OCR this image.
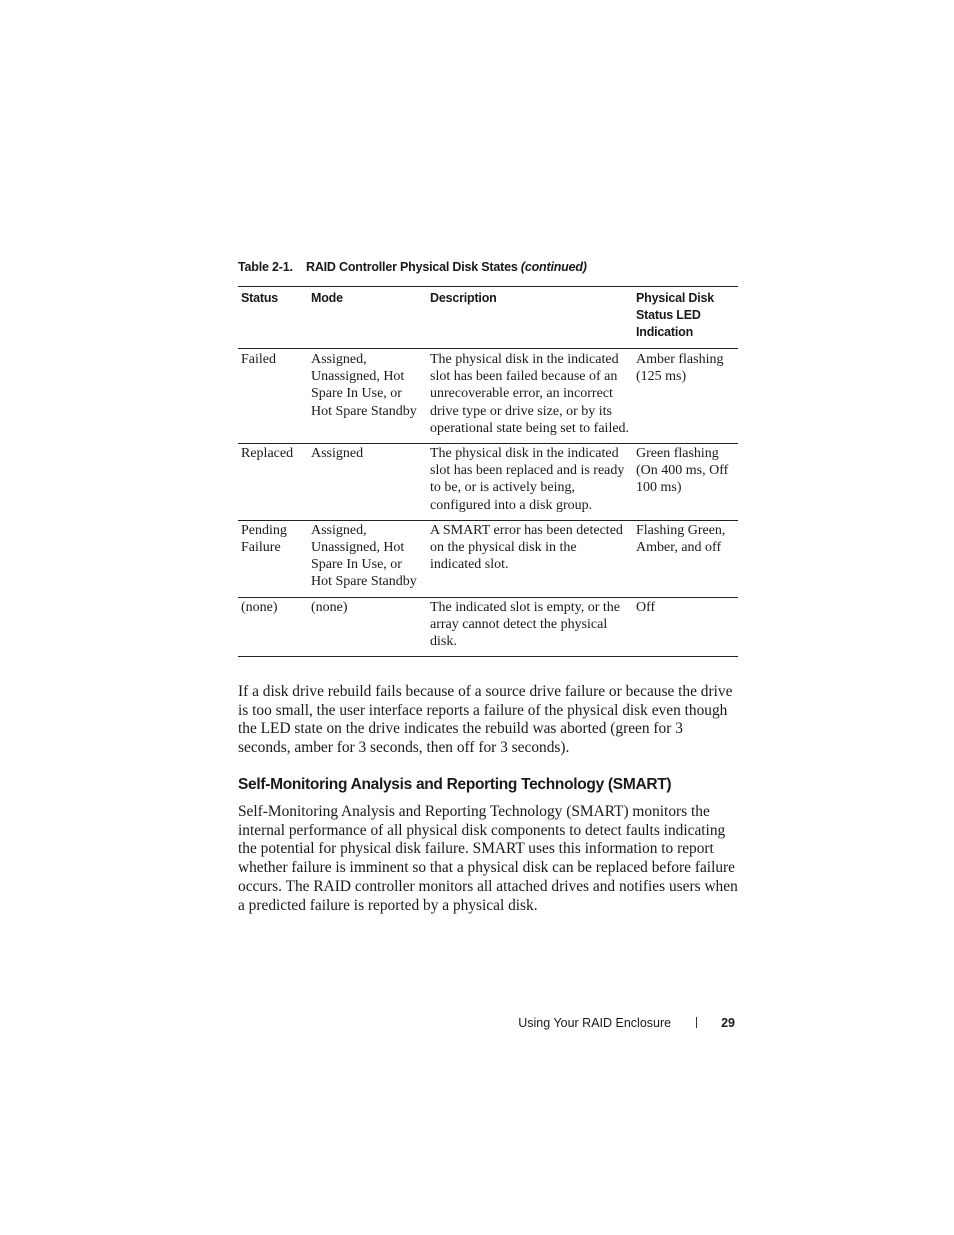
Table 2-1. RAID Controller Physical Disk States (continued)
Status	Mode	Description	Physical Disk Status LED Indication
Failed	Assigned, Unassigned, Hot Spare In Use, or Hot Spare Standby	The physical disk in the indicated slot has been failed because of an unrecoverable error, an incorrect drive type or drive size, or by its operational state being set to failed.	Amber flashing (125 ms)
Replaced	Assigned	The physical disk in the indicated slot has been replaced and is ready to be, or is actively being, configured into a disk group.	Green flashing (On 400 ms, Off 100 ms)
Pending Failure	Assigned, Unassigned, Hot Spare In Use, or Hot Spare Standby	A SMART error has been detected on the physical disk in the indicated slot.	Flashing Green, Amber, and off
(none)	(none)	The indicated slot is empty, or the array cannot detect the physical disk.	Off

If a disk drive rebuild fails because of a source drive failure or because the drive is too small, the user interface reports a failure of the physical disk even though the LED state on the drive indicates the rebuild was aborted (green for 3 seconds, amber for 3 seconds, then off for 3 seconds).

Self-Monitoring Analysis and Reporting Technology (SMART)

Self-Monitoring Analysis and Reporting Technology (SMART) monitors the internal performance of all physical disk components to detect faults indicating the potential for physical disk failure. SMART uses this information to report whether failure is imminent so that a physical disk can be replaced before failure occurs. The RAID controller monitors all attached drives and notifies users when a predicted failure is reported by a physical disk.

Using Your RAID Enclosure	29
